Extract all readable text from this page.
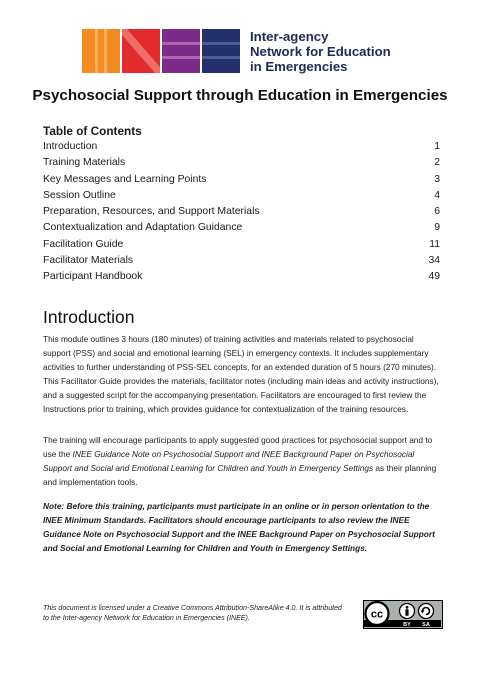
Inter-agency
Network for Education
in Emergencies
Psychosocial Support through Education in Emergencies
Table of Contents
Introduction	1
Training Materials	2
Key Messages and Learning Points	3
Session Outline	4
Preparation, Resources, and Support Materials	6
Contextualization and Adaptation Guidance	9
Facilitation Guide	11
Facilitator Materials	34
Participant Handbook	49
Introduction
This module outlines 3 hours (180 minutes) of training activities and materials related to psychosocial support (PSS) and social and emotional learning (SEL) in emergency contexts. It includes supplementary activities to further understanding of PSS-SEL concepts, for an extended duration of 5 hours (270 minutes). This Facilitator Guide provides the materials, facilitator notes (including main ideas and activity instructions), and a suggested script for the accompanying presentation. Facilitators are encouraged to first review the Instructions prior to training, which provides guidance for contextualization of the training resources.
The training will encourage participants to apply suggested good practices for psychosocial support and to use the INEE Guidance Note on Psychosocial Support and INEE Background Paper on Psychosocial Support and Social and Emotional Learning for Children and Youth in Emergency Settings as their planning and implementation tools.
Note: Before this training, participants must participate in an online or in person orientation to the INEE Minimum Standards. Facilitators should encourage participants to also review the INEE Guidance Note on Psychosocial Support and the INEE Background Paper on Psychosocial Support and Social and Emotional Learning for Children and Youth in Emergency Settings.
This document is licensed under a Creative Commons Attribution-ShareAlike 4.0. It is attributed to the Inter-agency Network for Education in Emergencies (INEE).	cc
BY SA
